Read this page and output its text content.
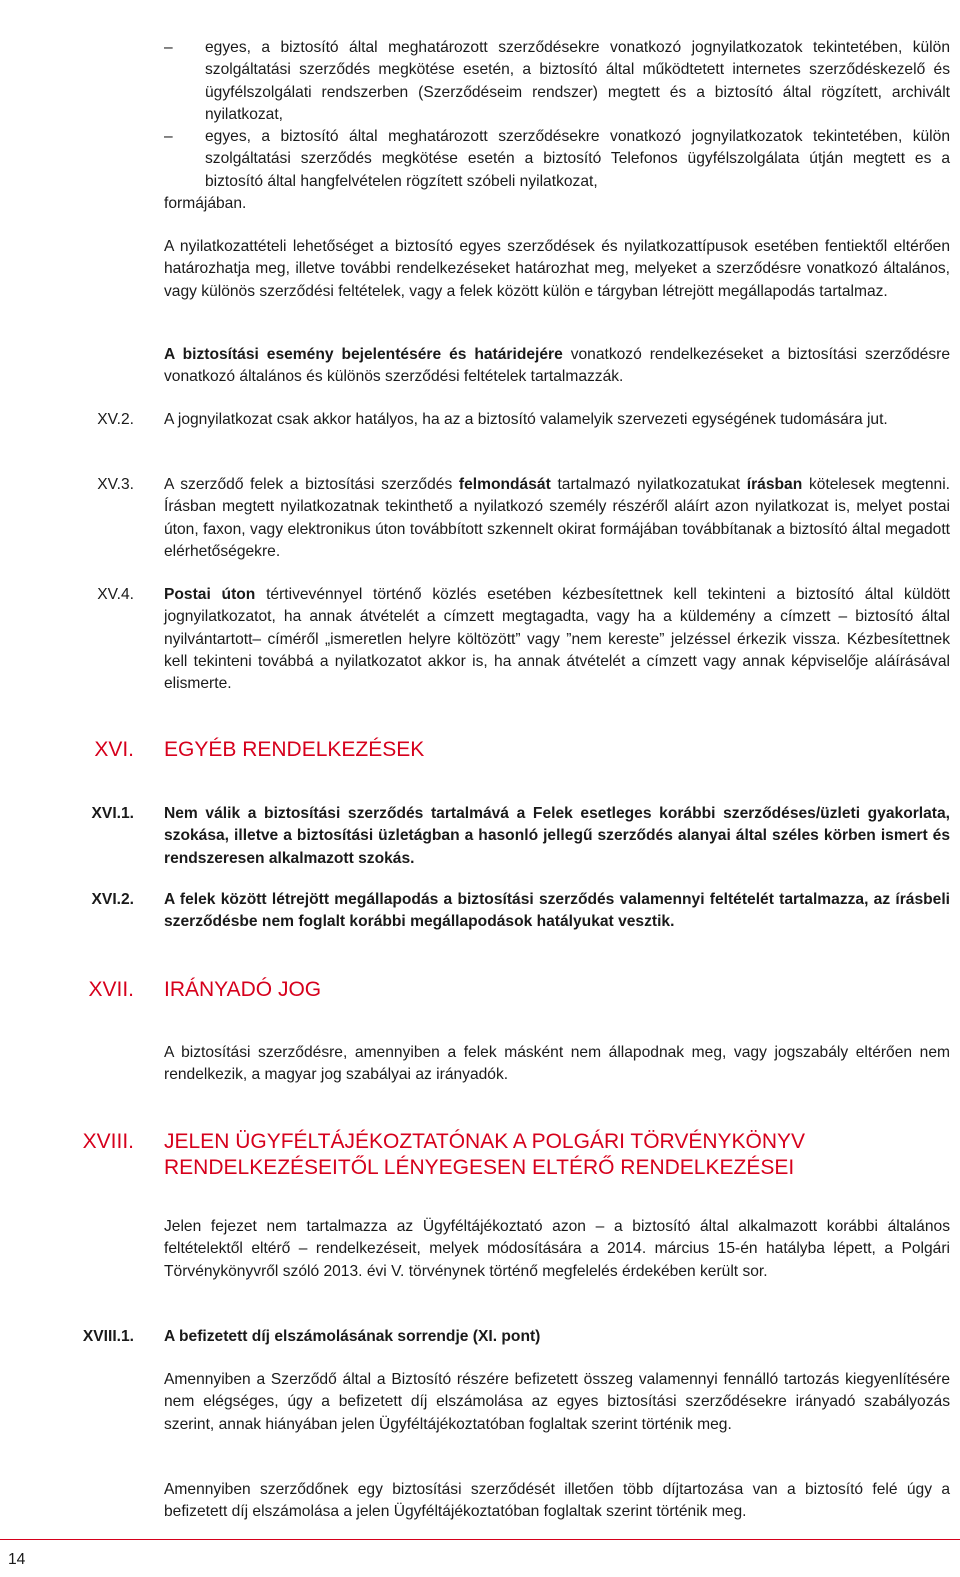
– egyes, a biztosító által meghatározott szerződésekre vonatkozó jognyilatkozatok tekintetében, külön szolgáltatási szerződés megkötése esetén, a biztosító által működtetett internetes szerződéskezelő és ügyfélszolgálati rendszerben (Szerződéseim rendszer) megtett és a biztosító által rögzített, archivált nyilatkozat,
– egyes, a biztosító által meghatározott szerződésekre vonatkozó jognyilatkozatok tekintetében, külön szolgáltatási szerződés megkötése esetén a biztosító Telefonos ügyfélszolgálata útján megtett es a biztosító által hangfelvételen rögzített szóbeli nyilatkozat,

formájában.

A nyilatkozattételi lehetőséget a biztosító egyes szerződések és nyilatkozattípusok esetében fentiektől eltérően határozhatja meg, illetve további rendelkezéseket határozhat meg, melyeket a szerződésre vonatkozó általános, vagy különös szerződési feltételek, vagy a felek között külön e tárgyban létrejött megállapodás tartalmaz.

A biztosítási esemény bejelentésére és határidejére vonatkozó rendelkezéseket a biztosítási szerződésre vonatkozó általános és különös szerződési feltételek tartalmazzák.

XV.2. A jognyilatkozat csak akkor hatályos, ha az a biztosító valamelyik szervezeti egységének tudomására jut.

XV.3. A szerződő felek a biztosítási szerződés felmondását tartalmazó nyilatkozatukat írásban kötelesek megtenni. Írásban megtett nyilatkozatnak tekinthető a nyilatkozó személy részéről aláírt azon nyilatkozat is, melyet postai úton, faxon, vagy elektronikus úton továbbított szkennelt okirat formájában továbbítanak a biztosító által megadott elérhetőségekre.

XV.4. Postai úton tértivevénnyel történő közlés esetében kézbesítettnek kell tekinteni a biztosító által küldött jognyilatkozatot, ha annak átvételét a címzett megtagadta, vagy ha a küldemény a címzett – biztosító által nyilvántartott– címéről „ismeretlen helyre költözött” vagy ”nem kereste” jelzéssel érkezik vissza. Kézbesítettnek kell tekinteni továbbá a nyilatkozatot akkor is, ha annak átvételét a címzett vagy annak képviselője aláírásával elismerte.

XVI. EGYÉB RENDELKEZÉSEK
XVI.1. Nem válik a biztosítási szerződés tartalmává a Felek esetleges korábbi szerződéses/üzleti gyakorlata, szokása, illetve a biztosítási üzletágban a hasonló jellegű szerződés alanyai által széles körben ismert és rendszeresen alkalmazott szokás.

XVI.2. A felek között létrejött megállapodás a biztosítási szerződés valamennyi feltételét tartalmazza, az írásbeli szerződésbe nem foglalt korábbi megállapodások hatályukat vesztik.

XVII. IRÁNYADÓ JOG

A biztosítási szerződésre, amennyiben a felek másként nem állapodnak meg, vagy jogszabály eltérően nem rendelkezik, a magyar jog szabályai az irányadók.

XVIII. JELEN ÜGYFÉLTÁJÉKOZTATÓNAK A POLGÁRI TÖRVÉNYKÖNYV
RENDELKEZÉSEITŐL LÉNYEGESEN ELTÉRŐ RENDELKEZÉSEI

Jelen fejezet nem tartalmazza az Ügyféltájékoztató azon – a biztosító által alkalmazott korábbi általános feltételektől eltérő – rendelkezéseit, melyek módosítására a 2014. március 15-én hatályba lépett, a Polgári Törvénykönyvről szóló 2013. évi V. törvénynek történő megfelelés érdekében került sor.

XVIII.1. A befizetett díj elszámolásának sorrendje (XI. pont)

Amennyiben a Szerződő által a Biztosító részére befizetett összeg valamennyi fennálló tartozás kiegyenlítésére nem elégséges, úgy a befizetett díj elszámolása az egyes biztosítási szerződésekre irányadó szabályozás szerint, annak hiányában jelen Ügyféltájékoztatóban foglaltak szerint történik meg.

Amennyiben szerződőnek egy biztosítási szerződését illetően több díjtartozása van a biztosító felé úgy a befizetett díj elszámolása a jelen Ügyféltájékoztatóban foglaltak szerint történik meg.

14
